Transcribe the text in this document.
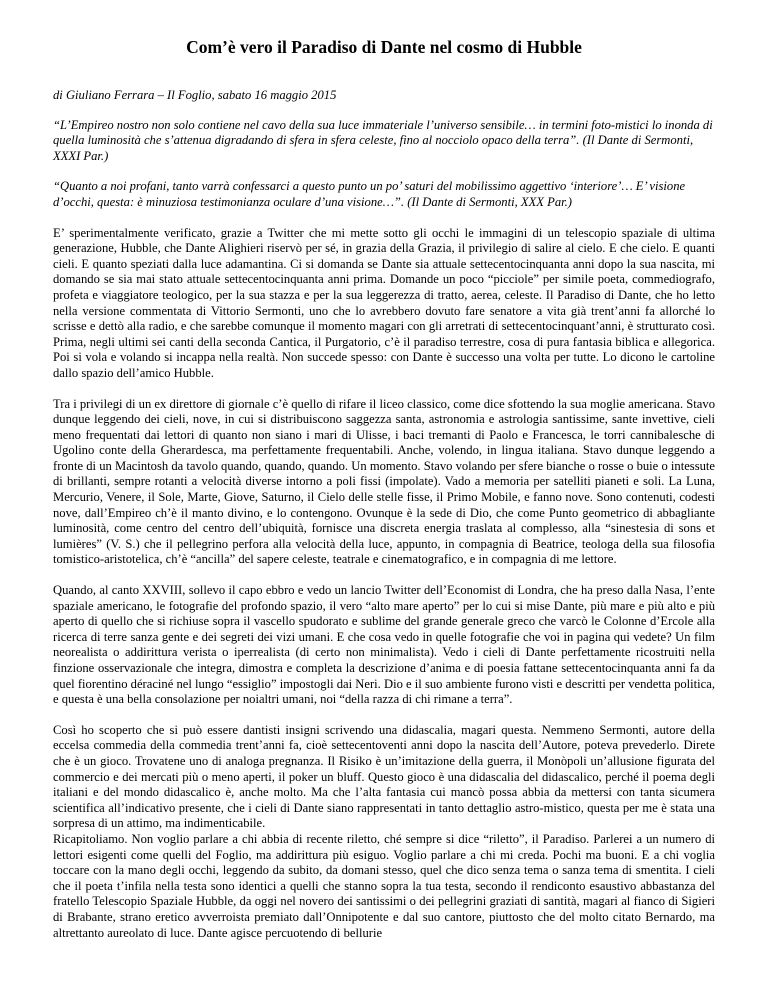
Com’è vero il Paradiso di Dante nel cosmo di Hubble

di Giuliano Ferrara – Il Foglio, sabato 16 maggio 2015

“L’Empireo nostro non solo contiene nel cavo della sua luce immateriale l’universo sensibile… in termini foto-mistici lo inonda di quella luminosità che s’attenua digradando di sfera in sfera celeste, fino al nocciolo opaco della terra”. (Il Dante di Sermonti, XXXI Par.)

“Quanto a noi profani, tanto varrà confessarci a questo punto un po’ saturi del mobilissimo aggettivo ‘interiore’… E’ visione d’occhi, questa: è minuziosa testimonianza oculare d’una visione…”. (Il Dante di Sermonti, XXX Par.)

E’ sperimentalmente verificato, grazie a Twitter che mi mette sotto gli occhi le immagini di un telescopio spaziale di ultima generazione, Hubble, che Dante Alighieri riservò per sé, in grazia della Grazia, il privilegio di salire al cielo. E che cielo. E quanti cieli. E quanto speziati dalla luce adamantina. Ci si domanda se Dante sia attuale settecentocinquanta anni dopo la sua nascita, mi domando se sia mai stato attuale settecentocinquanta anni prima. Domande un poco “picciole” per simile poeta, commediografo, profeta e viaggiatore teologico, per la sua stazza e per la sua leggerezza di tratto, aerea, celeste. Il Paradiso di Dante, che ho letto nella versione commentata di Vittorio Sermonti, uno che lo avrebbero dovuto fare senatore a vita già trent’anni fa allorché lo scrisse e dettò alla radio, e che sarebbe comunque il momento magari con gli arretrati di settecentocinquant’anni, è strutturato così. Prima, negli ultimi sei canti della seconda Cantica, il Purgatorio, c’è il paradiso terrestre, cosa di pura fantasia biblica e allegorica. Poi si vola e volando si incappa nella realtà. Non succede spesso: con Dante è successo una volta per tutte. Lo dicono le cartoline dallo spazio dell’amico Hubble.

Tra i privilegi di un ex direttore di giornale c’è quello di rifare il liceo classico, come dice sfottendo la sua moglie americana. Stavo dunque leggendo dei cieli, nove, in cui si distribuiscono saggezza santa, astronomia e astrologia santissime, sante invettive, cieli meno frequentati dai lettori di quanto non siano i mari di Ulisse, i baci tremanti di Paolo e Francesca, le torri cannibalesche di Ugolino conte della Gherardesca, ma perfettamente frequentabili. Anche, volendo, in lingua italiana. Stavo dunque leggendo a fronte di un Macintosh da tavolo quando, quando, quando. Un momento. Stavo volando per sfere bianche o rosse o buie o intessute di brillanti, sempre rotanti a velocità diverse intorno a poli fissi (impolate). Vado a memoria per satelliti pianeti e soli. La Luna, Mercurio, Venere, il Sole, Marte, Giove, Saturno, il Cielo delle stelle fisse, il Primo Mobile, e fanno nove. Sono contenuti, codesti nove, dall’Empireo ch’è il manto divino, e lo contengono. Ovunque è la sede di Dio, che come Punto geometrico di abbagliante luminosità, come centro del centro dell’ubiquità, fornisce una discreta energia traslata al complesso, alla “sinestesia di sons et lumières” (V. S.) che il pellegrino perfora alla velocità della luce, appunto, in compagnia di Beatrice, teologa della sua filosofia tomistico-aristotelica, ch’è “ancilla” del sapere celeste, teatrale e cinematografico, e in compagnia di me lettore.

Quando, al canto XXVIII, sollevo il capo ebbro e vedo un lancio Twitter dell’Economist di Londra, che ha preso dalla Nasa, l’ente spaziale americano, le fotografie del profondo spazio, il vero “alto mare aperto” per lo cui si mise Dante, più mare e più alto e più aperto di quello che si richiuse sopra il vascello spudorato e sublime del grande generale greco che varcò le Colonne d’Ercole alla ricerca di terre sanza gente e dei segreti dei vizi umani. E che cosa vedo in quelle fotografie che voi in pagina qui vedete? Un film neorealista o addirittura verista o iperrealista (di certo non minimalista). Vedo i cieli di Dante perfettamente ricostruiti nella finzione osservazionale che integra, dimostra e completa la descrizione d’anima e di poesia fattane settecentocinquanta anni fa da quel fiorentino déraciné nel lungo “essiglio” impostogli dai Neri. Dio e il suo ambiente furono visti e descritti per vendetta politica, e questa è una bella consolazione per noialtri umani, noi “della razza di chi rimane a terra”.

Così ho scoperto che si può essere dantisti insigni scrivendo una didascalia, magari questa. Nemmeno Sermonti, autore della eccelsa commedia della commedia trent’anni fa, cioè settecentoventi anni dopo la nascita dell’Autore, poteva prevederlo. Direte che è un gioco. Trovatene uno di analoga pregnanza. Il Risiko è un’imitazione della guerra, il Monòpoli un’allusione figurata del commercio e dei mercati più o meno aperti, il poker un bluff. Questo gioco è una didascalia del didascalico, perché il poema degli italiani e del mondo didascalico è, anche molto. Ma che l’alta fantasia cui mancò possa abbia da mettersi con tanta sicumera scientifica all’indicativo presente, che i cieli di Dante siano rappresentati in tanto dettaglio astro-mistico, questa per me è stata una sorpresa di un attimo, ma indimenticabile.

Ricapitoliamo. Non voglio parlare a chi abbia di recente riletto, ché sempre si dice “riletto”, il Paradiso. Parlerei a un numero di lettori esigenti come quelli del Foglio, ma addirittura più esiguo. Voglio parlare a chi mi creda. Pochi ma buoni. E a chi voglia toccare con la mano degli occhi, leggendo da subito, da domani stesso, quel che dico senza tema o sanza tema di smentita. I cieli che il poeta t’infila nella testa sono identici a quelli che stanno sopra la tua testa, secondo il rendiconto esaustivo abbastanza del fratello Telescopio Spaziale Hubble, da oggi nel novero dei santissimi o dei pellegrini graziati di santità, magari al fianco di Sigieri di Brabante, strano eretico avverroista premiato dall’Onnipotente e dal suo cantore, piuttosto che del molto citato Bernardo, ma altrettanto aureolato di luce. Dante agisce percuotendo di bellurie
